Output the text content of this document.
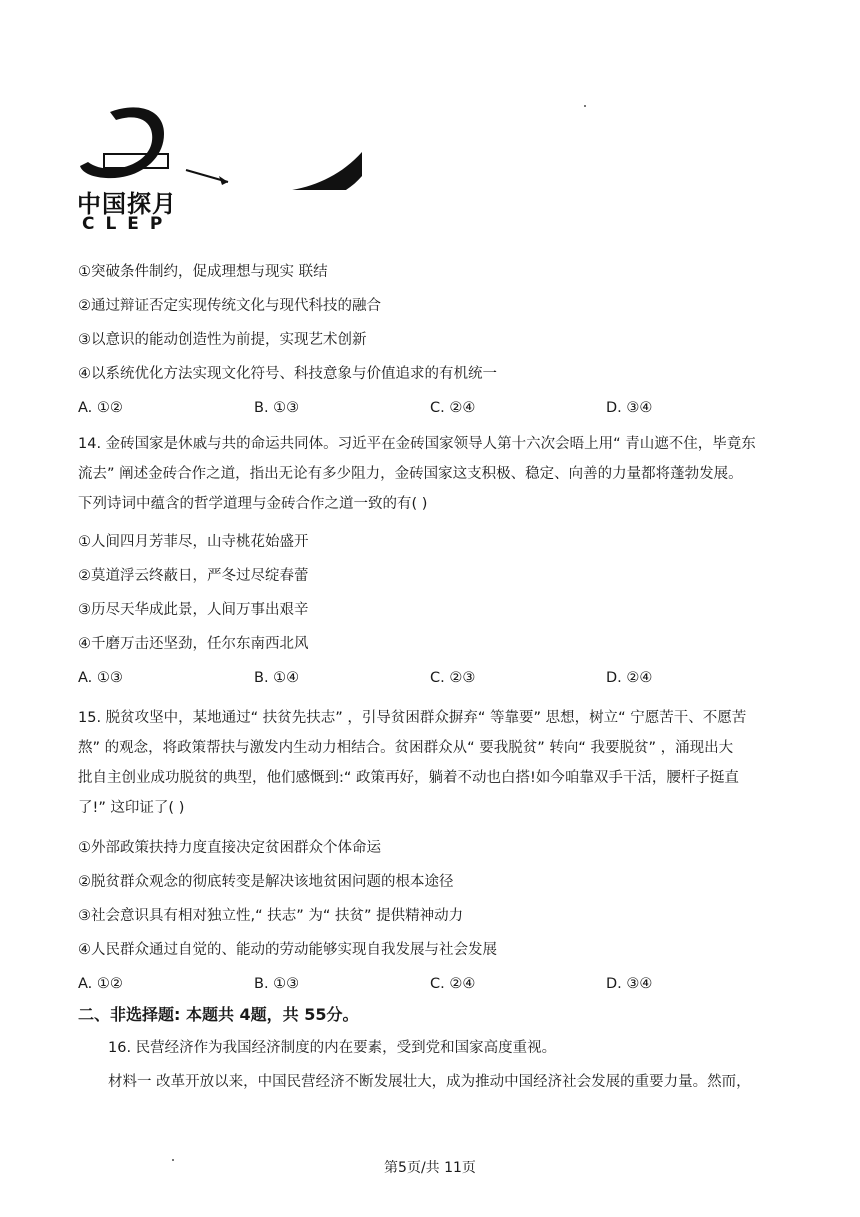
中国探月
CLEP
①突破条件制约，促成理想与现实 联结
②通过辩证否定实现传统文化与现代科技的融合
③以意识的能动创造性为前提，实现艺术创新
④以系统优化方法实现文化符号、科技意象与价值追求的有机统一
A. ①②	B. ①③	C. ②④	D. ③④
14. 金砖国家是休戚与共的命运共同体。习近平在金砖国家领导人第十六次会晤上用“ 青山遮不住，毕竟东
流去” 阐述金砖合作之道，指出无论有多少阻力，金砖国家这支积极、稳定、向善的力量都将蓬勃发展。
下列诗词中蕴含的哲学道理与金砖合作之道一致的有( )
①人间四月芳菲尽，山寺桃花始盛开
②莫道浮云终蔽日，严冬过尽绽春蕾
③历尽天华成此景，人间万事出艰辛
④千磨万击还坚劲，任尔东南西北风
A. ①③	B. ①④	C. ②③	D. ②④
15. 脱贫攻坚中，某地通过“ 扶贫先扶志” ，引导贫困群众摒弃“ 等靠要” 思想，树立“ 宁愿苦干、不愿苦
熬” 的观念，将政策帮扶与激发内生动力相结合。贫困群众从“ 要我脱贫” 转向“ 我要脱贫” ，涌现出大
批自主创业成功脱贫的典型，他们感慨到:“ 政策再好，躺着不动也白搭!如今咱靠双手干活，腰杆子挺直
了!” 这印证了( )
①外部政策扶持力度直接决定贫困群众个体命运
②脱贫群众观念的彻底转变是解决该地贫困问题的根本途径
③社会意识具有相对独立性,“ 扶志” 为“ 扶贫” 提供精神动力
④人民群众通过自觉的、能动的劳动能够实现自我发展与社会发展
A. ①②	B. ①③	C. ②④	D. ③④
二、非选择题: 本题共 4题，共 55分。
16. 民营经济作为我国经济制度的内在要素，受到党和国家高度重视。
材料一 改革开放以来，中国民营经济不断发展壮大，成为推动中国经济社会发展的重要力量。然而，
第5页/共 11页
